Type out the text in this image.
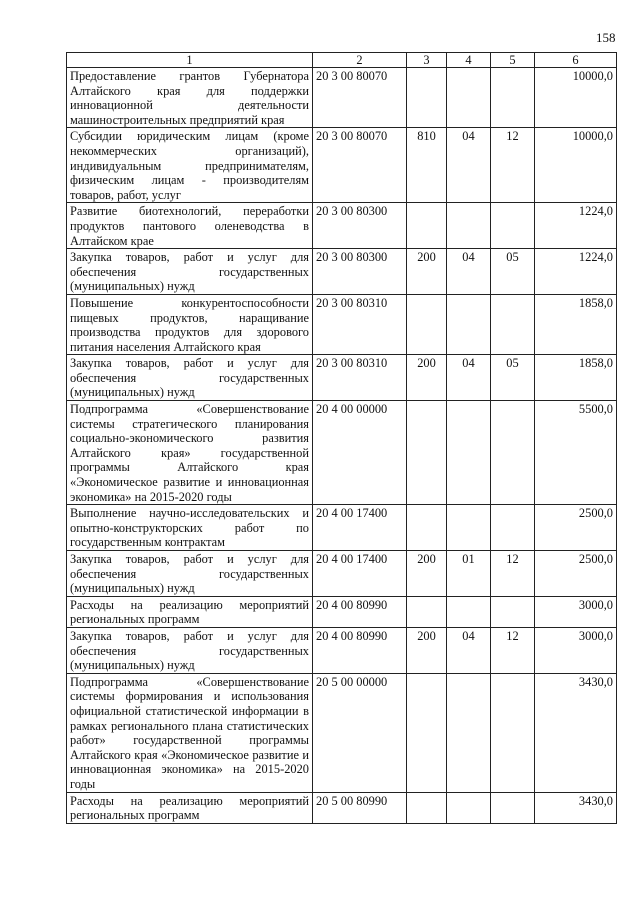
158
1	2	3	4	5	6
Предоставление грантов Губернатора Алтайского края для поддержки инновационной деятельности машиностроительных предприятий края	20 3 00 80070				10000,0
Субсидии юридическим лицам (кроме некоммерческих организаций), индивидуальным предпринимателям, физическим лицам - производителям товаров, работ, услуг	20 3 00 80070	810	04	12	10000,0
Развитие биотехнологий, переработки продуктов пантового оленеводства в Алтайском крае	20 3 00 80300				1224,0
Закупка товаров, работ и услуг для обеспечения государственных (муниципальных) нужд	20 3 00 80300	200	04	05	1224,0
Повышение конкурентоспособности пищевых продуктов, наращивание производства продуктов для здорового питания населения Алтайского края	20 3 00 80310				1858,0
Закупка товаров, работ и услуг для обеспечения государственных (муниципальных) нужд	20 3 00 80310	200	04	05	1858,0
Подпрограмма «Совершенствование системы стратегического планирования социально-экономического развития Алтайского края» государственной программы Алтайского края «Экономическое развитие и инновационная экономика» на 2015-2020 годы	20 4 00 00000				5500,0
Выполнение научно-исследовательских и опытно-конструкторских работ по государственным контрактам	20 4 00 17400				2500,0
Закупка товаров, работ и услуг для обеспечения государственных (муниципальных) нужд	20 4 00 17400	200	01	12	2500,0
Расходы на реализацию мероприятий региональных программ	20 4 00 80990				3000,0
Закупка товаров, работ и услуг для обеспечения государственных (муниципальных) нужд	20 4 00 80990	200	04	12	3000,0
Подпрограмма «Совершенствование системы формирования и использования официальной статистической информации в рамках регионального плана статистических работ» государственной программы Алтайского края «Экономическое развитие и инновационная экономика» на 2015-2020 годы	20 5 00 00000				3430,0
Расходы на реализацию мероприятий региональных программ	20 5 00 80990				3430,0
